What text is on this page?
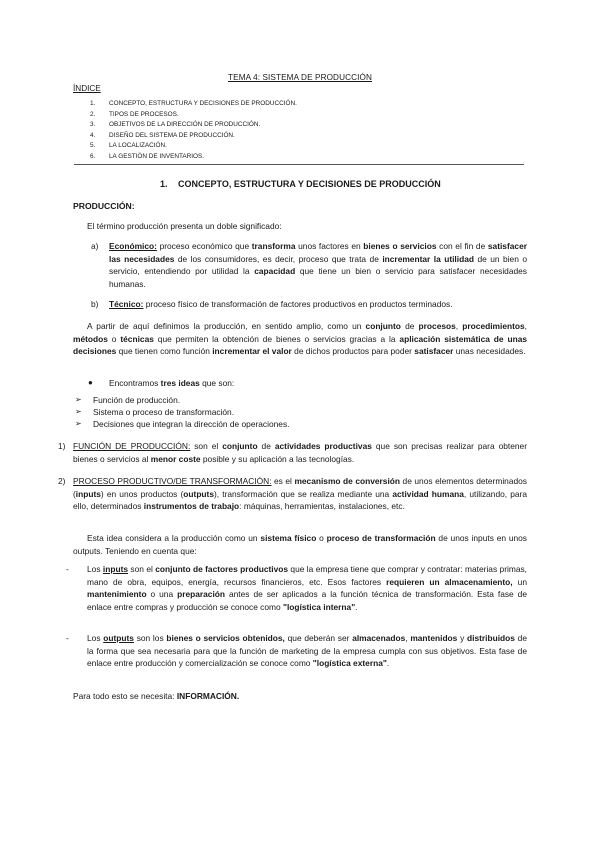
TEMA 4: SISTEMA DE PRODUCCIÓN
ÍNDICE
1. CONCEPTO, ESTRUCTURA Y DECISIONES DE PRODUCCIÓN.
2. TIPOS DE PROCESOS.
3. OBJETIVOS DE LA DIRECCIÓN DE PRODUCCIÓN.
4. DISEÑO DEL SISTEMA DE PRODUCCIÓN.
5. LA LOCALIZACIÓN.
6. LA GESTIÓN DE INVENTARIOS.
1. CONCEPTO, ESTRUCTURA Y DECISIONES DE PRODUCCIÓN
PRODUCCIÓN:
El término producción presenta un doble significado:
a)	Económico: proceso económico que transforma unos factores en bienes o servicios con el fin de satisfacer las necesidades de los consumidores, es decir, proceso que trata de incrementar la utilidad de un bien o servicio, entendiendo por utilidad la capacidad que tiene un bien o servicio para satisfacer necesidades humanas.
b)	Técnico: proceso físico de transformación de factores productivos en productos terminados.
A partir de aquí definimos la producción, en sentido amplio, como un conjunto de procesos, procedimientos, métodos o técnicas que permiten la obtención de bienes o servicios gracias a la aplicación sistemática de unas decisiones que tienen como función incrementar el valor de dichos productos para poder satisfacer unas necesidades.
● Encontramos tres ideas que son:
➢ Función de producción.
➢ Sistema o proceso de transformación.
➢ Decisiones que integran la dirección de operaciones.
1) FUNCIÓN DE PRODUCCIÓN: son el conjunto de actividades productivas que son precisas realizar para obtener bienes o servicios al menor coste posible y su aplicación a las tecnologías.
2) PROCESO PRODUCTIVO/DE TRANSFORMACIÓN: es el mecanismo de conversión de unos elementos determinados (inputs) en unos productos (outputs), transformación que se realiza mediante una actividad humana, utilizando, para ello, determinados instrumentos de trabajo: máquinas, herramientas, instalaciones, etc.
Esta idea considera a la producción como un sistema físico o proceso de transformación de unos inputs en unos outputs. Teniendo en cuenta que:
- Los inputs son el conjunto de factores productivos que la empresa tiene que comprar y contratar: materias primas, mano de obra, equipos, energía, recursos financieros, etc. Esos factores requieren un almacenamiento, un mantenimiento o una preparación antes de ser aplicados a la función técnica de transformación. Esta fase de enlace entre compras y producción se conoce como "logística interna".
- Los outputs son los bienes o servicios obtenidos, que deberán ser almacenados, mantenidos y distribuidos de la forma que sea necesaria para que la función de marketing de la empresa cumpla con sus objetivos. Esta fase de enlace entre producción y comercialización se conoce como "logística externa".
Para todo esto se necesita: INFORMACIÓN.
